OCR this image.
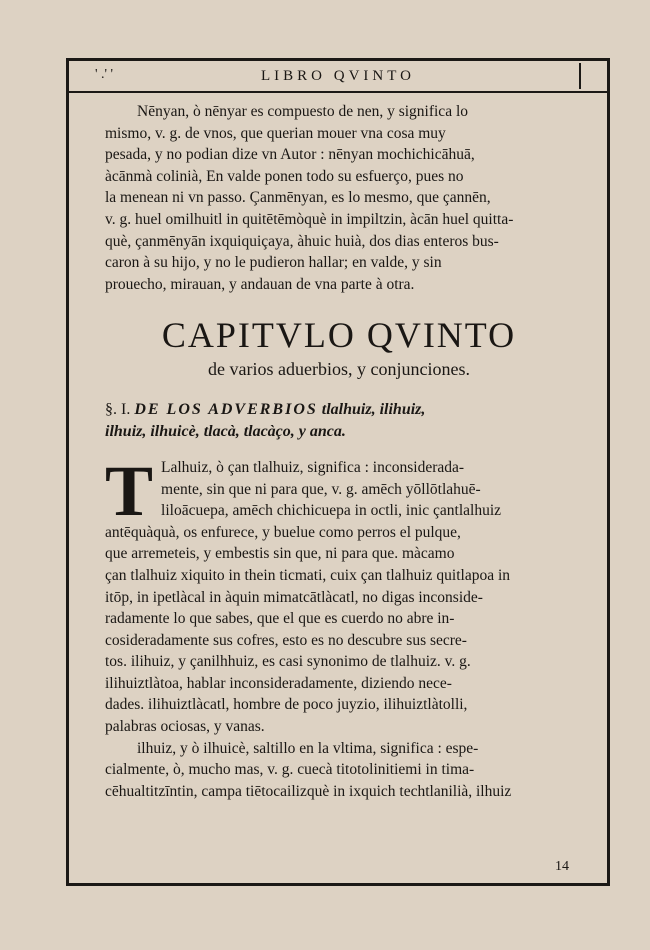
' .' '	LIBRO QVINTO
Nēnyan, ò nēnyar es compuesto de nen, y significa lo
mismo, v. g. de vnos, que querian mouer vna cosa muy
pesada, y no podian dize vn Autor : nēnyan mochichicāhuā,
àcānmà colinià, En valde ponen todo su esfuerço, pues no
la menean ni vn passo. Çanmēnyan, es lo mesmo, que çannēn,
v. g. huel omilhuitl in quitētēmòquè in impiltzin, àcān huel quitta-
què, çanmēnyān ixquiquiçaya, àhuic huià, dos dias enteros bus-
caron à su hijo, y no le pudieron hallar; en valde, y sin
prouecho, mirauan, y andauan de vna parte à otra.
CAPITVLO QVINTO
de varios aduerbios, y conjunciones.
§. I. DE LOS ADVERBIOS tlalhuiz, ilihuiz,
ilhuiz, ilhuicè, tlacà, tlacàço, y anca.
T Lalhuiz, ò çan tlalhuiz, significa : inconsiderada-
mente, sin que ni para que, v. g. amēch yōllōtlahuē-
liloācuepa, amēch chichicuepa in octli, inic çantlalhuiz
antēquàquà, os enfurece, y buelue como perros el pulque,
que arremeteis, y embestis sin que, ni para que. màcamo
çan tlalhuiz xiquito in thein ticmati, cuix çan tlalhuiz quitlapoa in
itōp, in ipetlàcal in àquin mimatcātlàcatl, no digas inconside-
radamente lo que sabes, que el que es cuerdo no abre in-
cosideradamente sus cofres, esto es no descubre sus secre-
tos. ilihuiz, y çanilhhuiz, es casi synonimo de tlalhuiz. v. g.
ilihuiztlàtoa, hablar inconsideradamente, diziendo nece-
dades. ilihuiztlàcatl, hombre de poco juyzio, ilihuiztlàtolli,
palabras ociosas, y vanas.
ilhuiz, y ò ilhuicè, saltillo en la vltima, significa : espe-
cialmente, ò, mucho mas, v. g. cuecà titotolinitiemi in tima-
cēhualtitzīntin, campa tiētocailizquè in ixquich techtlanilià, ilhuiz
14
